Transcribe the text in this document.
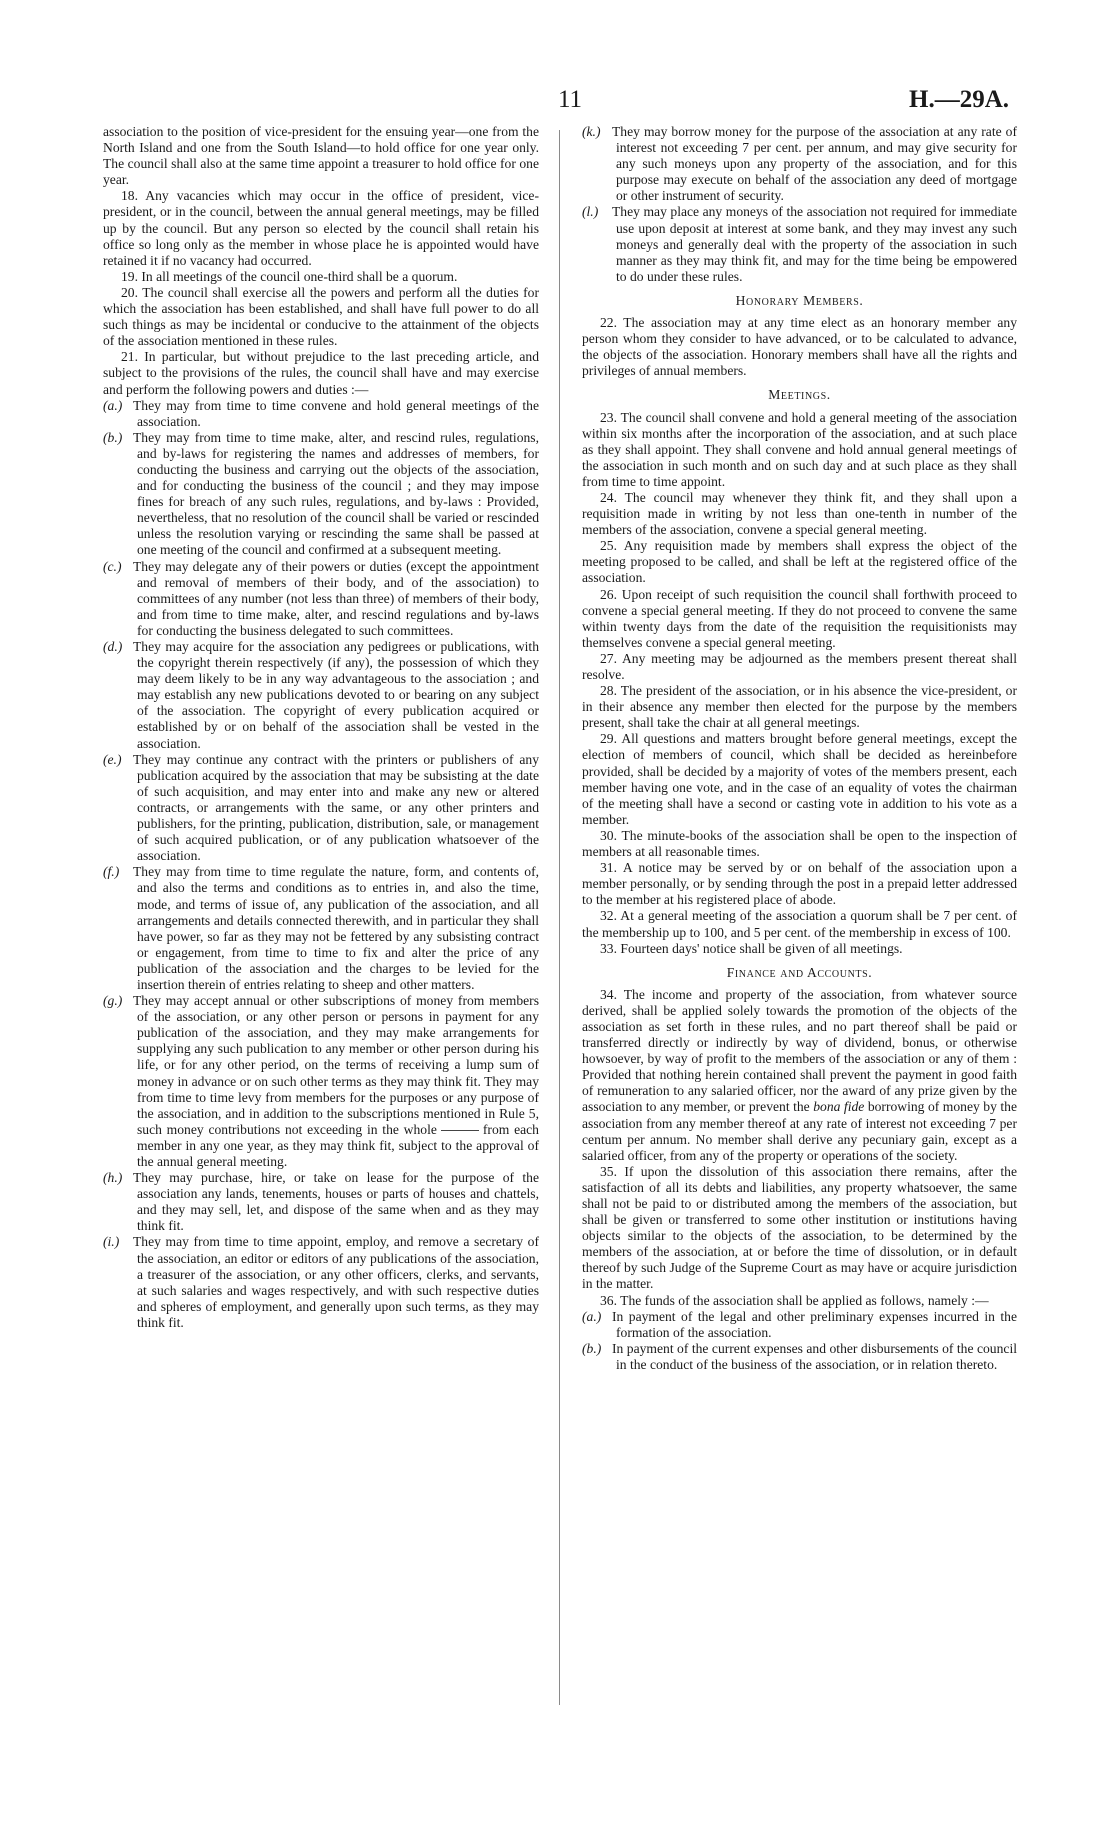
11	H.—29A.

association to the position of vice-president for the ensuing year—one from the North Island and one from the South Island—to hold office for one year only. The council shall also at the same time appoint a treasurer to hold office for one year.

18. Any vacancies which may occur in the office of president, vice-president, or in the council, between the annual general meetings, may be filled up by the council. But any person so elected by the council shall retain his office so long only as the member in whose place he is appointed would have retained it if no vacancy had occurred.

19. In all meetings of the council one-third shall be a quorum.

20. The council shall exercise all the powers and perform all the duties for which the association has been established, and shall have full power to do all such things as may be incidental or conducive to the attainment of the objects of the association mentioned in these rules.

21. In particular, but without prejudice to the last preceding article, and subject to the provisions of the rules, the council shall have and may exercise and perform the following powers and duties :—

(a.) They may from time to time convene and hold general meetings of the association.

(b.) They may from time to time make, alter, and rescind rules, regulations, and by-laws for registering the names and addresses of members, for conducting the business and carrying out the objects of the association, and for conducting the business of the council ; and they may impose fines for breach of any such rules, regulations, and by-laws : Provided, nevertheless, that no resolution of the council shall be varied or rescinded unless the resolution varying or rescinding the same shall be passed at one meeting of the council and confirmed at a subsequent meeting.

(c.) They may delegate any of their powers or duties (except the appointment and removal of members of their body, and of the association) to committees of any number (not less than three) of members of their body, and from time to time make, alter, and rescind regulations and by-laws for conducting the business delegated to such committees.

(d.) They may acquire for the association any pedigrees or publications, with the copyright therein respectively (if any), the possession of which they may deem likely to be in any way advantageous to the association ; and may establish any new publications devoted to or bearing on any subject of the association. The copyright of every publication acquired or established by or on behalf of the association shall be vested in the association.

(e.) They may continue any contract with the printers or publishers of any publication acquired by the association that may be subsisting at the date of such acquisition, and may enter into and make any new or altered contracts, or arrangements with the same, or any other printers and publishers, for the printing, publication, distribution, sale, or management of such acquired publication, or of any publication whatsoever of the association.

(f.) They may from time to time regulate the nature, form, and contents of, and also the terms and conditions as to entries in, and also the time, mode, and terms of issue of, any publication of the association, and all arrangements and details connected therewith, and in particular they shall have power, so far as they may not be fettered by any subsisting contract or engagement, from time to time to fix and alter the price of any publication of the association and the charges to be levied for the insertion therein of entries relating to sheep and other matters.

(g.) They may accept annual or other subscriptions of money from members of the association, or any other person or persons in payment for any publication of the association, and they may make arrangements for supplying any such publication to any member or other person during his life, or for any other period, on the terms of receiving a lump sum of money in advance or on such other terms as they may think fit. They may from time to time levy from members for the purposes or any purpose of the association, and in addition to the subscriptions mentioned in Rule 5, such money contributions not exceeding in the whole	from each member in any one year, as they may think fit, subject to the approval of the annual general meeting.

(h.) They may purchase, hire, or take on lease for the purpose of the association any lands, tenements, houses or parts of houses and chattels, and they may sell, let, and dispose of the same when and as they may think fit.

(i.) They may from time to time appoint, employ, and remove a secretary of the association, an editor or editors of any publications of the association, a treasurer of the association, or any other officers, clerks, and servants, at such salaries and wages respectively, and with such respective duties and spheres of employment, and generally upon such terms, as they may think fit.

(k.) They may borrow money for the purpose of the association at any rate of interest not exceeding 7 per cent. per annum, and may give security for any such moneys upon any property of the association, and for this purpose may execute on behalf of the association any deed of mortgage or other instrument of security.

(l.) They may place any moneys of the association not required for immediate use upon deposit at interest at some bank, and they may invest any such moneys and generally deal with the property of the association in such manner as they may think fit, and may for the time being be empowered to do under these rules.

Honorary Members.

22. The association may at any time elect as an honorary member any person whom they consider to have advanced, or to be calculated to advance, the objects of the association. Honorary members shall have all the rights and privileges of annual members.

Meetings.

23. The council shall convene and hold a general meeting of the association within six months after the incorporation of the association, and at such place as they shall appoint. They shall convene and hold annual general meetings of the association in such month and on such day and at such place as they shall from time to time appoint.

24. The council may whenever they think fit, and they shall upon a requisition made in writing by not less than one-tenth in number of the members of the association, convene a special general meeting.

25. Any requisition made by members shall express the object of the meeting proposed to be called, and shall be left at the registered office of the association.

26. Upon receipt of such requisition the council shall forthwith proceed to convene a special general meeting. If they do not proceed to convene the same within twenty days from the date of the requisition the requisitionists may themselves convene a special general meeting.

27. Any meeting may be adjourned as the members present thereat shall resolve.

28. The president of the association, or in his absence the vice-president, or in their absence any member then elected for the purpose by the members present, shall take the chair at all general meetings.

29. All questions and matters brought before general meetings, except the election of members of council, which shall be decided as hereinbefore provided, shall be decided by a majority of votes of the members present, each member having one vote, and in the case of an equality of votes the chairman of the meeting shall have a second or casting vote in addition to his vote as a member.

30. The minute-books of the association shall be open to the inspection of members at all reasonable times.

31. A notice may be served by or on behalf of the association upon a member personally, or by sending through the post in a prepaid letter addressed to the member at his registered place of abode.

32. At a general meeting of the association a quorum shall be 7 per cent. of the membership up to 100, and 5 per cent. of the membership in excess of 100.

33. Fourteen days' notice shall be given of all meetings.

Finance and Accounts.

34. The income and property of the association, from whatever source derived, shall be applied solely towards the promotion of the objects of the association as set forth in these rules, and no part thereof shall be paid or transferred directly or indirectly by way of dividend, bonus, or otherwise howsoever, by way of profit to the members of the association or any of them : Provided that nothing herein contained shall prevent the payment in good faith of remuneration to any salaried officer, nor the award of any prize given by the association to any member, or prevent the bona fide borrowing of money by the association from any member thereof at any rate of interest not exceeding 7 per centum per annum. No member shall derive any pecuniary gain, except as a salaried officer, from any of the property or operations of the society.

35. If upon the dissolution of this association there remains, after the satisfaction of all its debts and liabilities, any property whatsoever, the same shall not be paid to or distributed among the members of the association, but shall be given or transferred to some other institution or institutions having objects similar to the objects of the association, to be determined by the members of the association, at or before the time of dissolution, or in default thereof by such Judge of the Supreme Court as may have or acquire jurisdiction in the matter.

36. The funds of the association shall be applied as follows, namely :—

(a.) In payment of the legal and other preliminary expenses incurred in the formation of the association.

(b.) In payment of the current expenses and other disbursements of the council in the conduct of the business of the association, or in relation thereto.
